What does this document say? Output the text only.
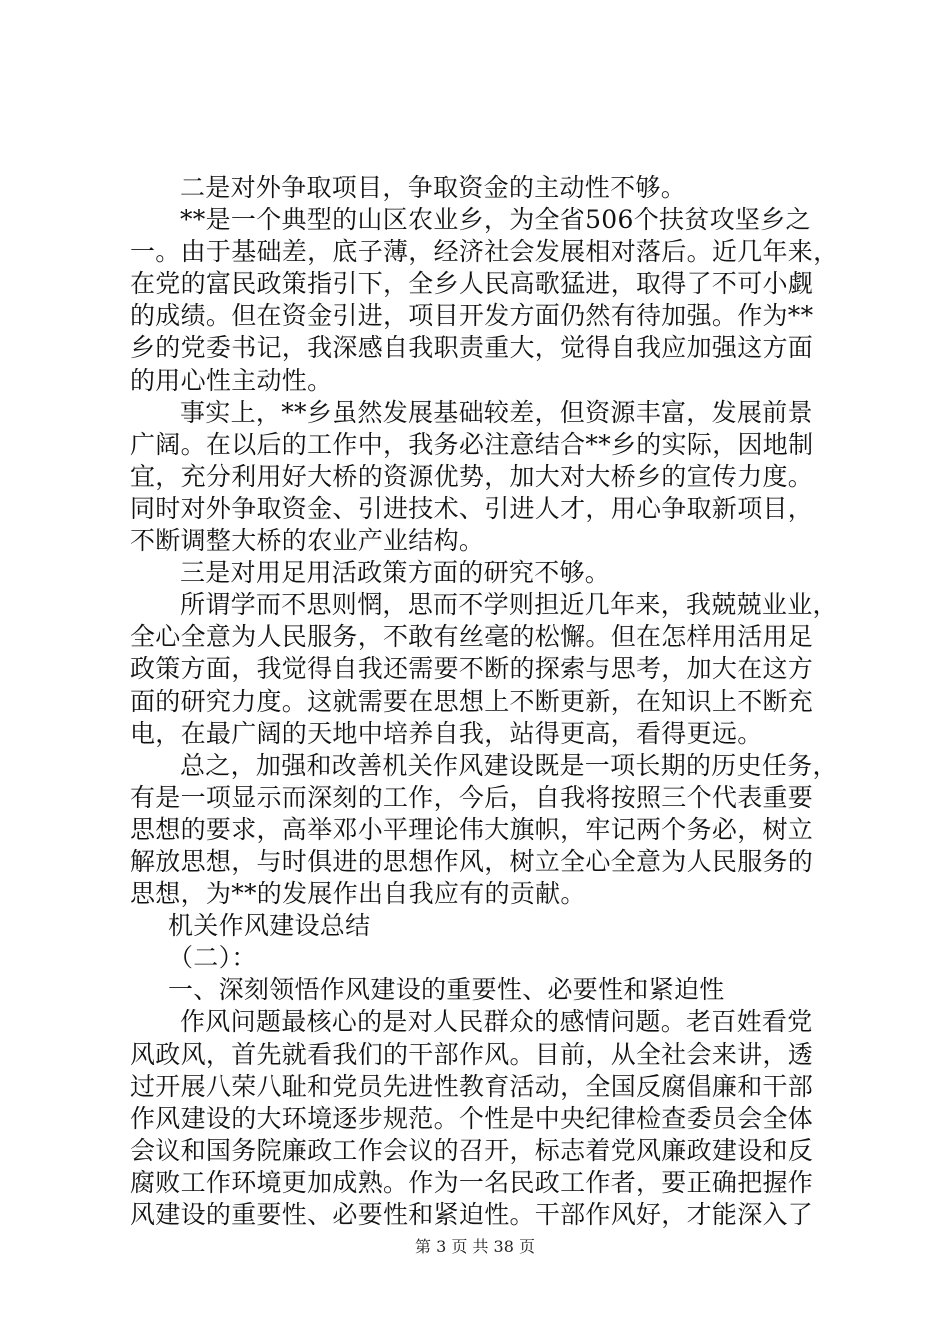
二是对外争取项目，争取资金的主动性不够。
**是一个典型的山区农业乡，为全省506个扶贫攻坚乡之
一。由于基础差，底子薄，经济社会发展相对落后。近几年来，
在党的富民政策指引下，全乡人民高歌猛进，取得了不可小觑
的成绩。但在资金引进，项目开发方面仍然有待加强。作为**
乡的党委书记，我深感自我职责重大，觉得自我应加强这方面
的用心性主动性。
事实上，**乡虽然发展基础较差，但资源丰富，发展前景
广阔。在以后的工作中，我务必注意结合**乡的实际，因地制
宜，充分利用好大桥的资源优势，加大对大桥乡的宣传力度。
同时对外争取资金、引进技术、引进人才，用心争取新项目，
不断调整大桥的农业产业结构。
三是对用足用活政策方面的研究不够。
所谓学而不思则惘，思而不学则担近几年来，我兢兢业业，
全心全意为人民服务，不敢有丝毫的松懈。但在怎样用活用足
政策方面，我觉得自我还需要不断的探索与思考，加大在这方
面的研究力度。这就需要在思想上不断更新，在知识上不断充
电，在最广阔的天地中培养自我，站得更高，看得更远。
总之，加强和改善机关作风建设既是一项长期的历史任务，
有是一项显示而深刻的工作，今后，自我将按照三个代表重要
思想的要求，高举邓小平理论伟大旗帜，牢记两个务必，树立
解放思想，与时俱进的思想作风，树立全心全意为人民服务的
思想，为**的发展作出自我应有的贡献。
机关作风建设总结
（二）：
一、深刻领悟作风建设的重要性、必要性和紧迫性
作风问题最核心的是对人民群众的感情问题。老百姓看党
风政风，首先就看我们的干部作风。目前，从全社会来讲，透
过开展八荣八耻和党员先进性教育活动，全国反腐倡廉和干部
作风建设的大环境逐步规范。个性是中央纪律检查委员会全体
会议和国务院廉政工作会议的召开，标志着党风廉政建设和反
腐败工作环境更加成熟。作为一名民政工作者，要正确把握作
风建设的重要性、必要性和紧迫性。干部作风好，才能深入了
第 3 页 共 38 页
